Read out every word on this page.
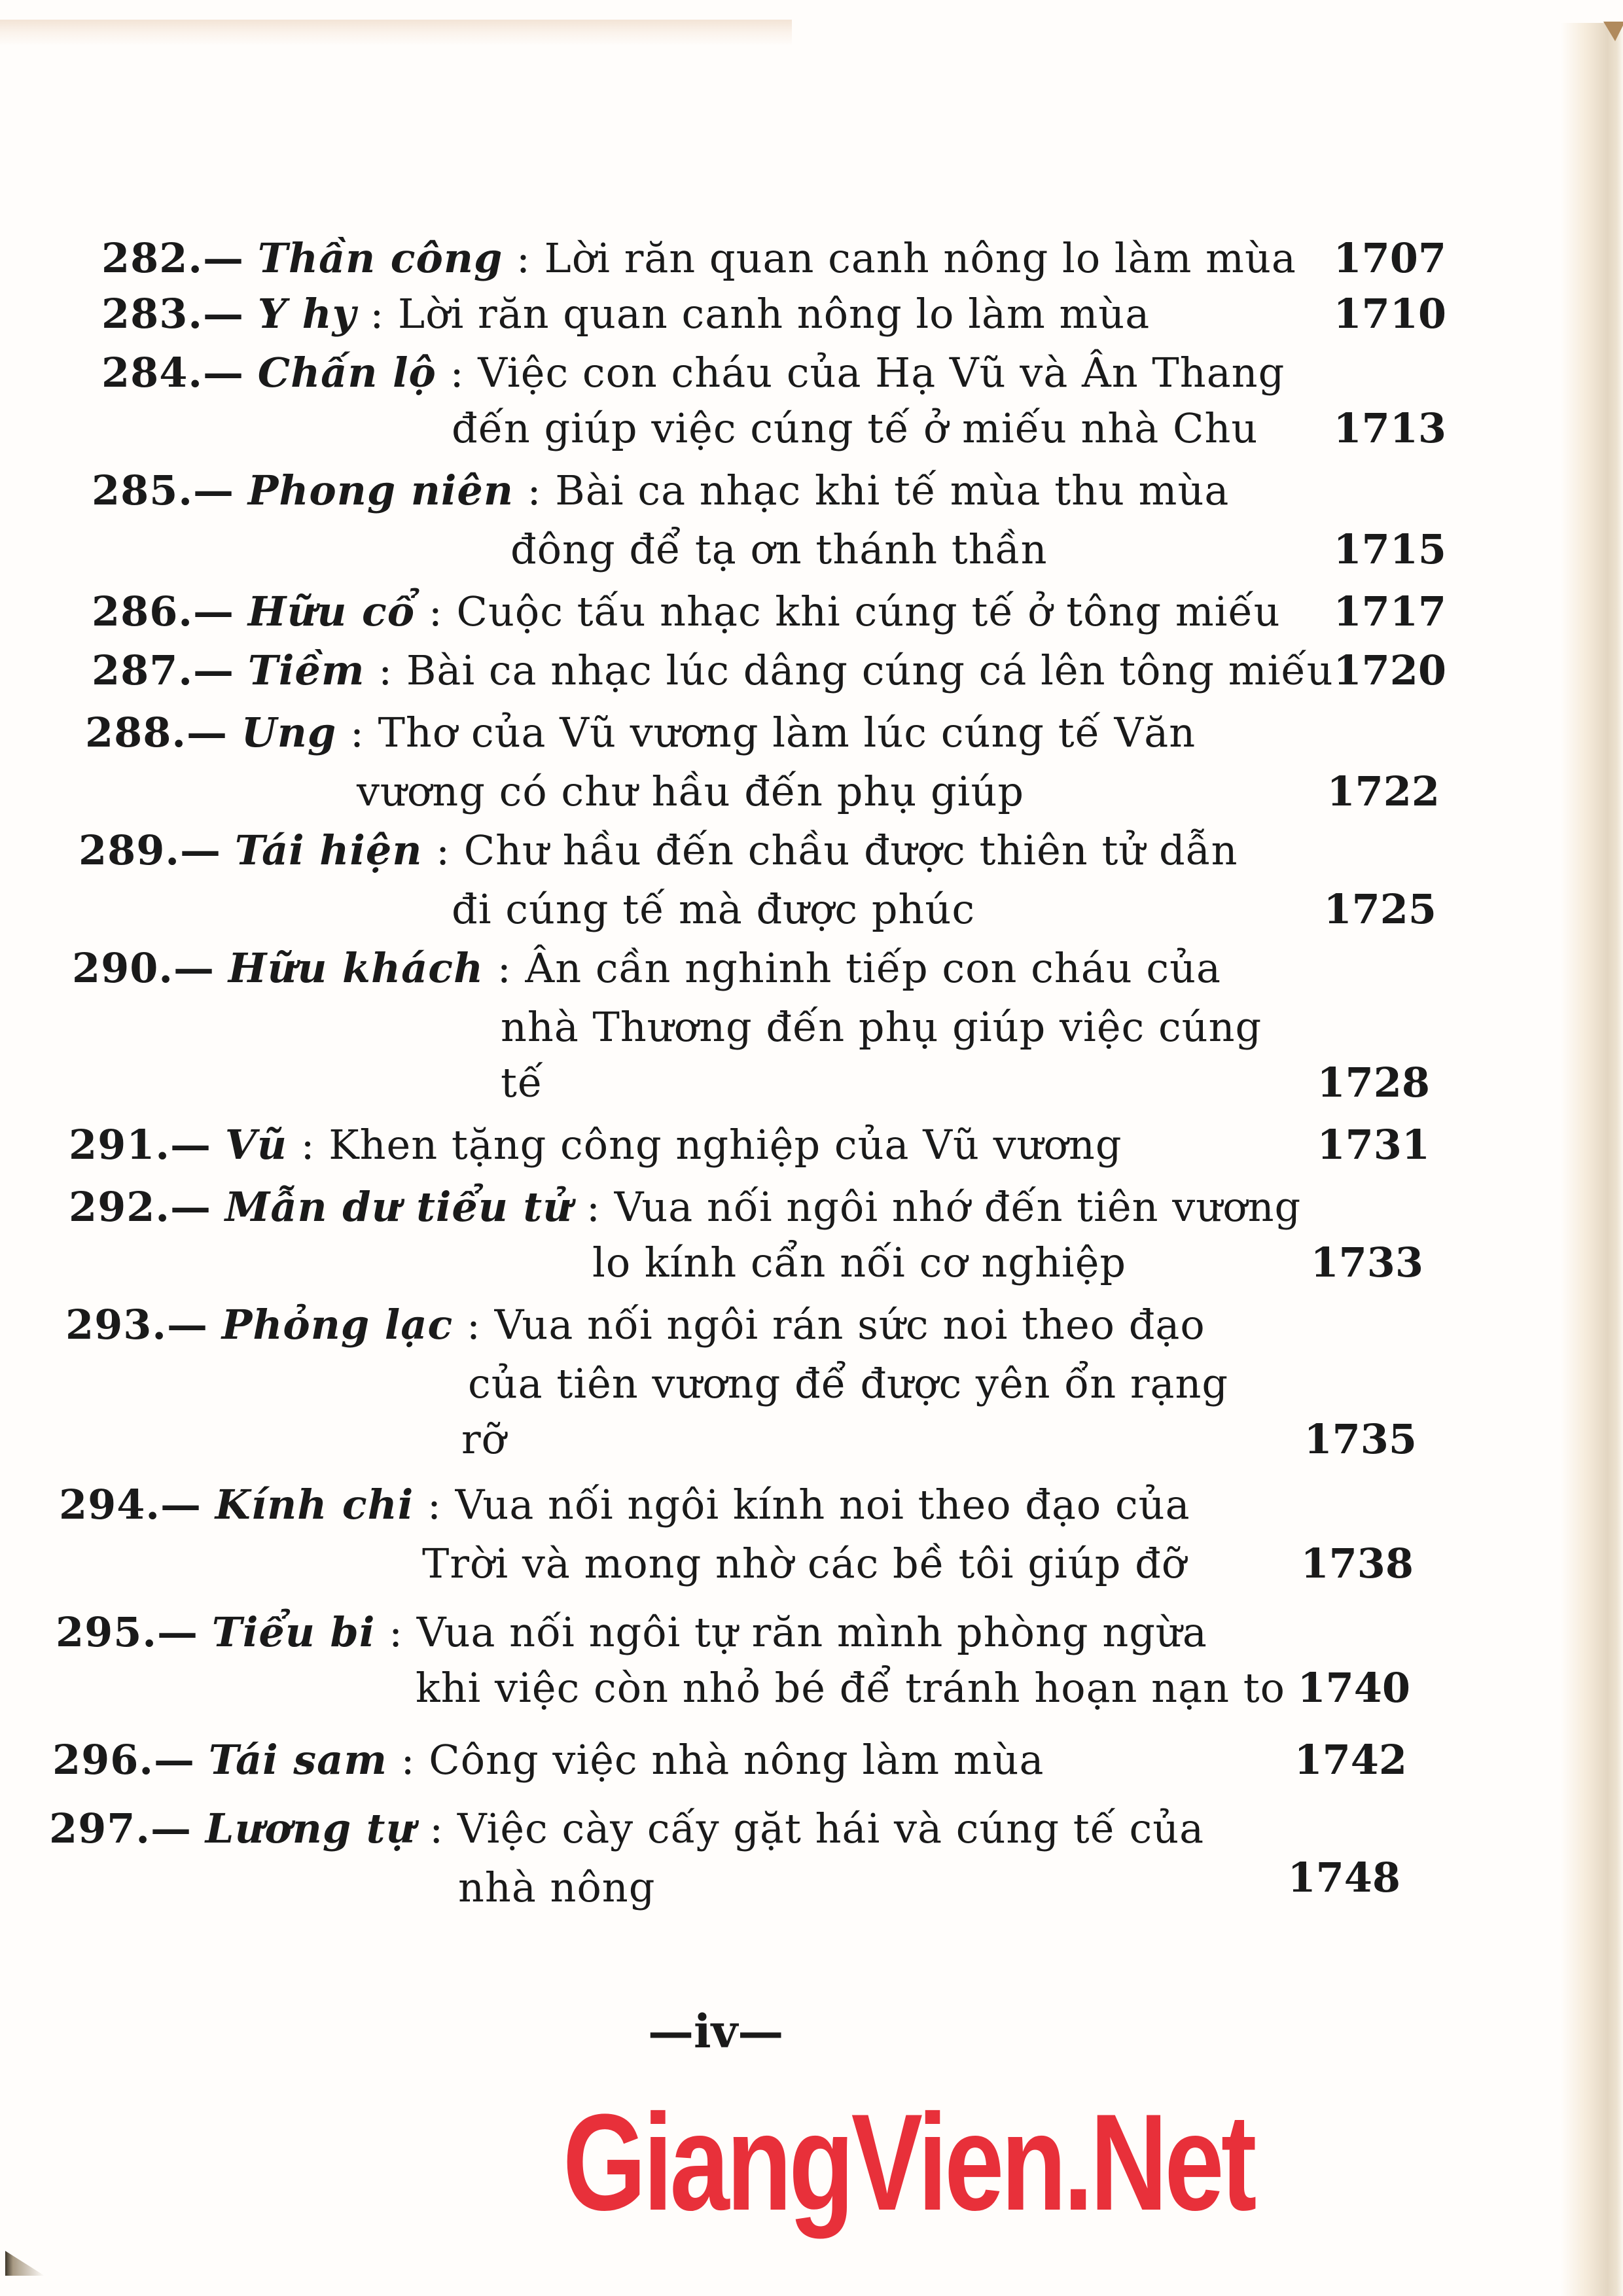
282.— Thần công : Lời răn quan canh nông lo làm mùa 1707
283.— Y hy : Lời răn quan canh nông lo làm mùa	1710
284.— Chấn lộ : Việc con cháu của Hạ Vũ và Ân Thang
đến giúp việc cúng tế ở miếu nhà Chu	1713
285.— Phong niên : Bài ca nhạc khi tế mùa thu mùa
đông để tạ ơn thánh thần	1715
286.— Hữu cổ : Cuộc tấu nhạc khi cúng tế ở tông miếu	1717
287.— Tiềm : Bài ca nhạc lúc dâng cúng cá lên tông miếu 1720
288.— Ung : Thơ của Vũ vương làm lúc cúng tế Văn
vương có chư hầu đến phụ giúp	1722
289.— Tái hiện : Chư hầu đến chầu được thiên tử dẫn
đi cúng tế mà được phúc	1725
290.— Hữu khách : Ân cần nghinh tiếp con cháu của
nhà Thương đến phụ giúp việc cúng
tế	1728
291.— Vũ : Khen tặng công nghiệp của Vũ vương	1731
292.— Mẫn dư tiểu tử : Vua nối ngôi nhớ đến tiên vương
lo kính cẩn nối cơ nghiệp	1733
293.— Phỏng lạc : Vua nối ngôi rán sức noi theo đạo
của tiên vương để được yên ổn rạng
rỡ	1735
294.— Kính chi : Vua nối ngôi kính noi theo đạo của
Trời và mong nhờ các bề tôi giúp đỡ	1738
295.— Tiểu bi : Vua nối ngôi tự răn mình phòng ngừa
khi việc còn nhỏ bé để tránh hoạn nạn to 1740
296.— Tái sam : Công việc nhà nông làm mùa	1742
297.— Lương tự : Việc cày cấy gặt hái và cúng tế của
nhà nông	1748
—iv—
GiangVien.Net
